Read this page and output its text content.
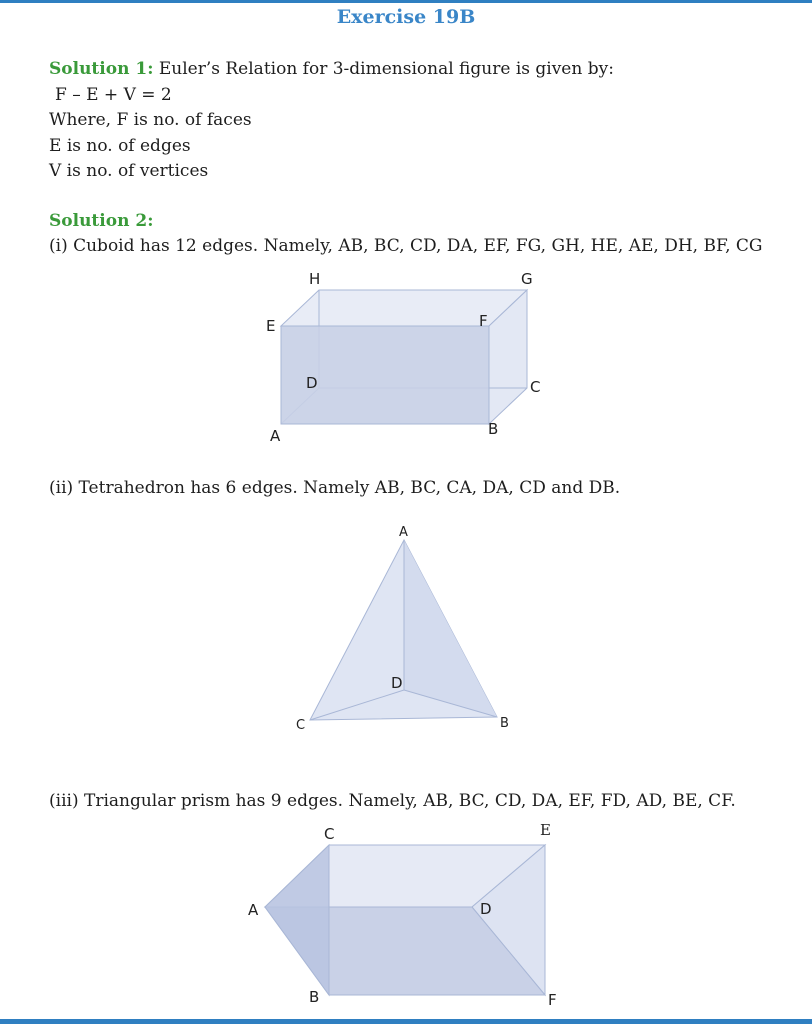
Exercise 19B
Solution 1: Euler’s Relation for 3-dimensional figure is given by:
F – E + V = 2
Where, F is no. of faces
E is no. of edges
V is no. of vertices
Solution 2:
(i) Cuboid has 12 edges. Namely, AB, BC, CD, DA, EF, FG, GH, HE, AE, DH, BF, CG
H	G
E	F
D	C
A	B
(ii) Tetrahedron has 6 edges. Namely AB, BC, CA, DA, CD and DB.
A
D
C	B
(iii) Triangular prism has 9 edges. Namely, AB, BC, CD, DA, EF, FD, AD, BE, CF.
C	E
A	D
B	F
